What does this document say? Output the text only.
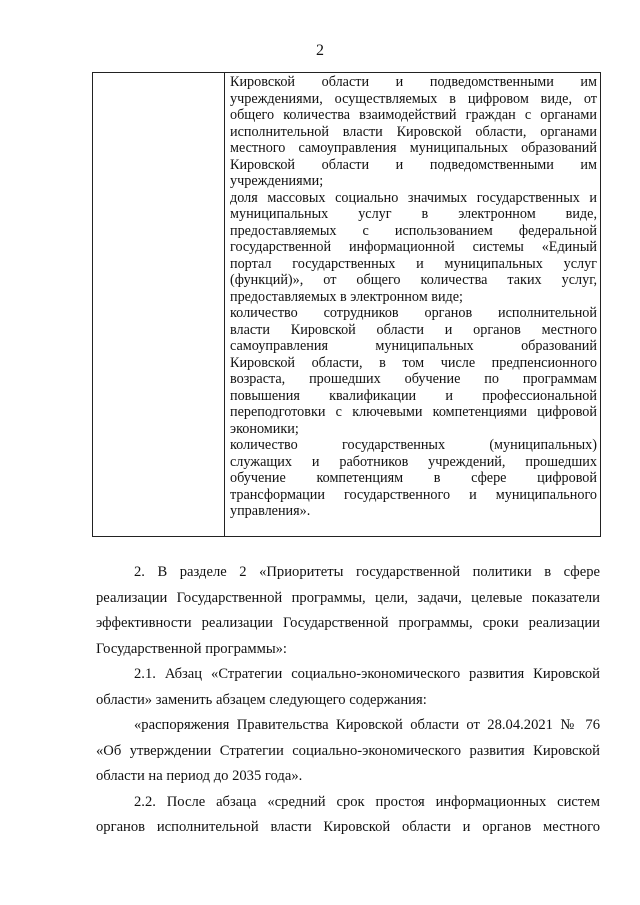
2
Кировской области и подведомственными им
учреждениями, осуществляемых в цифровом виде, от
общего количества взаимодействий граждан с органами
исполнительной власти Кировской области, органами
местного самоуправления муниципальных образований
Кировской области и подведомственными им
учреждениями;
доля массовых социально значимых государственных и
муниципальных услуг в электронном виде,
предоставляемых с использованием федеральной
государственной информационной системы «Единый
портал государственных и муниципальных услуг
(функций)», от общего количества таких услуг,
предоставляемых в электронном виде;
количество сотрудников органов исполнительной
власти Кировской области и органов местного
самоуправления муниципальных образований
Кировской области, в том числе предпенсионного
возраста, прошедших обучение по программам
повышения квалификации и профессиональной
переподготовки с ключевыми компетенциями цифровой
экономики;
количество государственных (муниципальных)
служащих и работников учреждений, прошедших
обучение компетенциям в сфере цифровой
трансформации государственного и муниципального
управления».
2. В разделе 2 «Приоритеты государственной политики в сфере
реализации Государственной программы, цели, задачи, целевые показатели
эффективности реализации Государственной программы, сроки реализации
Государственной программы»:
2.1. Абзац «Стратегии социально-экономического развития Кировской
области» заменить абзацем следующего содержания:
«распоряжения Правительства Кировской области от 28.04.2021 № 76
«Об утверждении Стратегии социально-экономического развития Кировской
области на период до 2035 года».
2.2. После абзаца «средний срок простоя информационных систем
органов исполнительной власти Кировской области и органов местного
